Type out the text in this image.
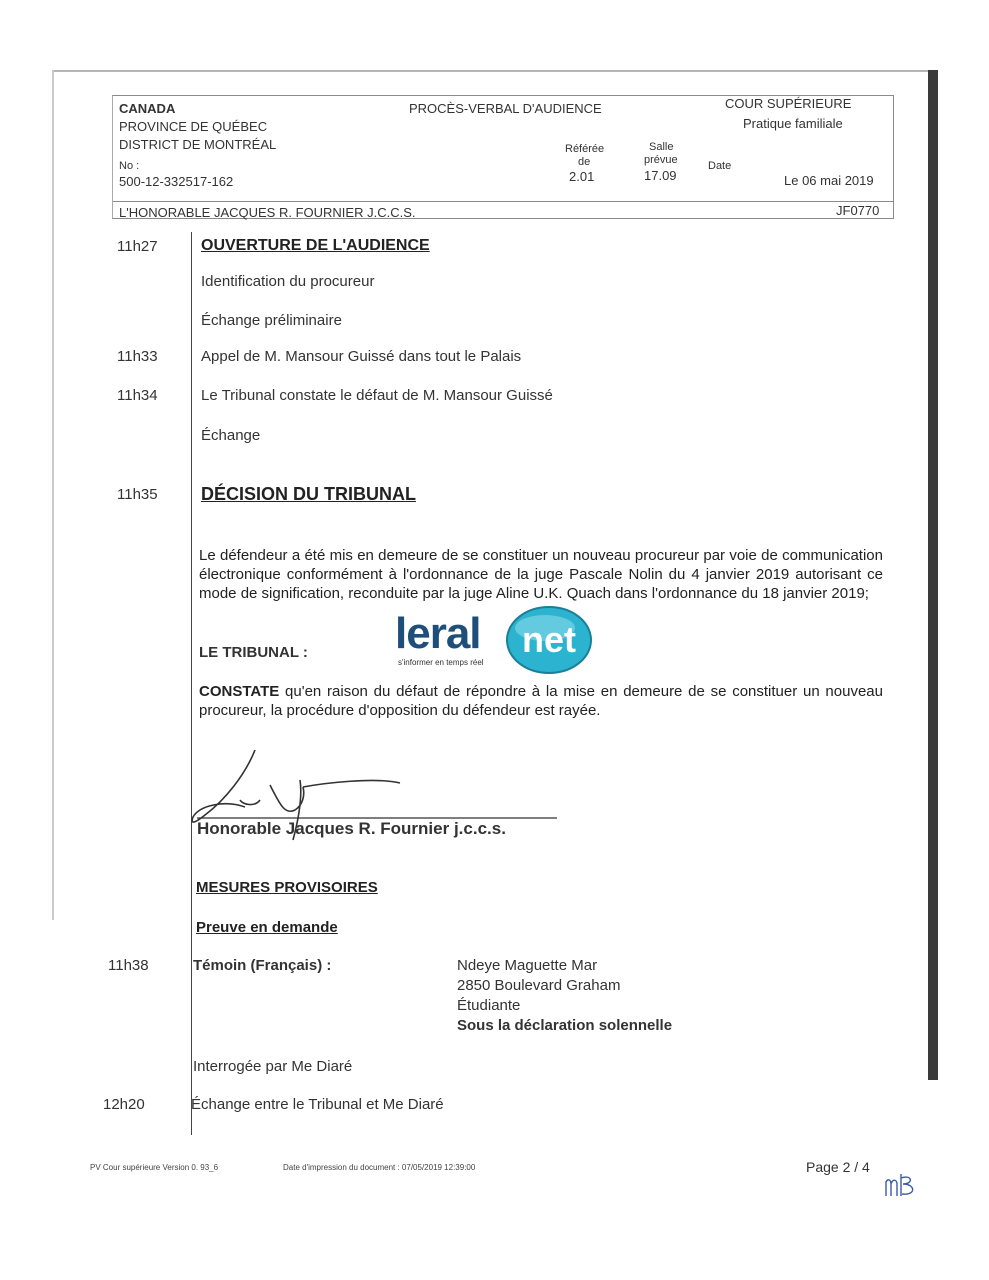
CANADA
PROVINCE DE QUÉBEC
DISTRICT DE MONTRÉAL
No :
500-12-332517-162
PROCÈS-VERBAL D'AUDIENCE	COUR SUPÉRIEURE
Pratique familiale
Référée
de
2.01
Salle
prévue
17.09
Date
Le 06 mai 2019
L'HONORABLE JACQUES R. FOURNIER J.C.C.S.	JF0770
11h27	OUVERTURE DE L'AUDIENCE
Identification du procureur
Échange préliminaire
11h33	Appel de M. Mansour Guissé dans tout le Palais
11h34	Le Tribunal constate le défaut de M. Mansour Guissé
Échange
11h35 DÉCISION DU TRIBUNAL
Le défendeur a été mis en demeure de se constituer un nouveau procureur par voie de communication électronique conformément à l'ordonnance de la juge Pascale Nolin du 4 janvier 2019 autorisant ce mode de signification, reconduite par la juge Aline U.K. Quach dans l'ordonnance du 18 janvier 2019;
LE TRIBUNAL : leral net
s'informer en temps réel
CONSTATE qu'en raison du défaut de répondre à la mise en demeure de se constituer un nouveau procureur, la procédure d'opposition du défendeur est rayée.
Honorable Jacques R. Fournier j.c.c.s.
MESURES PROVISOIRES
Preuve en demande
11h38	Témoin (Français) :	Ndeye Maguette Mar
2850 Boulevard Graham
Étudiante
Sous la déclaration solennelle
Interrogée par Me Diaré
12h20	Échange entre le Tribunal et Me Diaré
PV Cour supérieure Version 0. 93_6	Date d'impression du document : 07/05/2019 12:39:00	Page 2 / 4
